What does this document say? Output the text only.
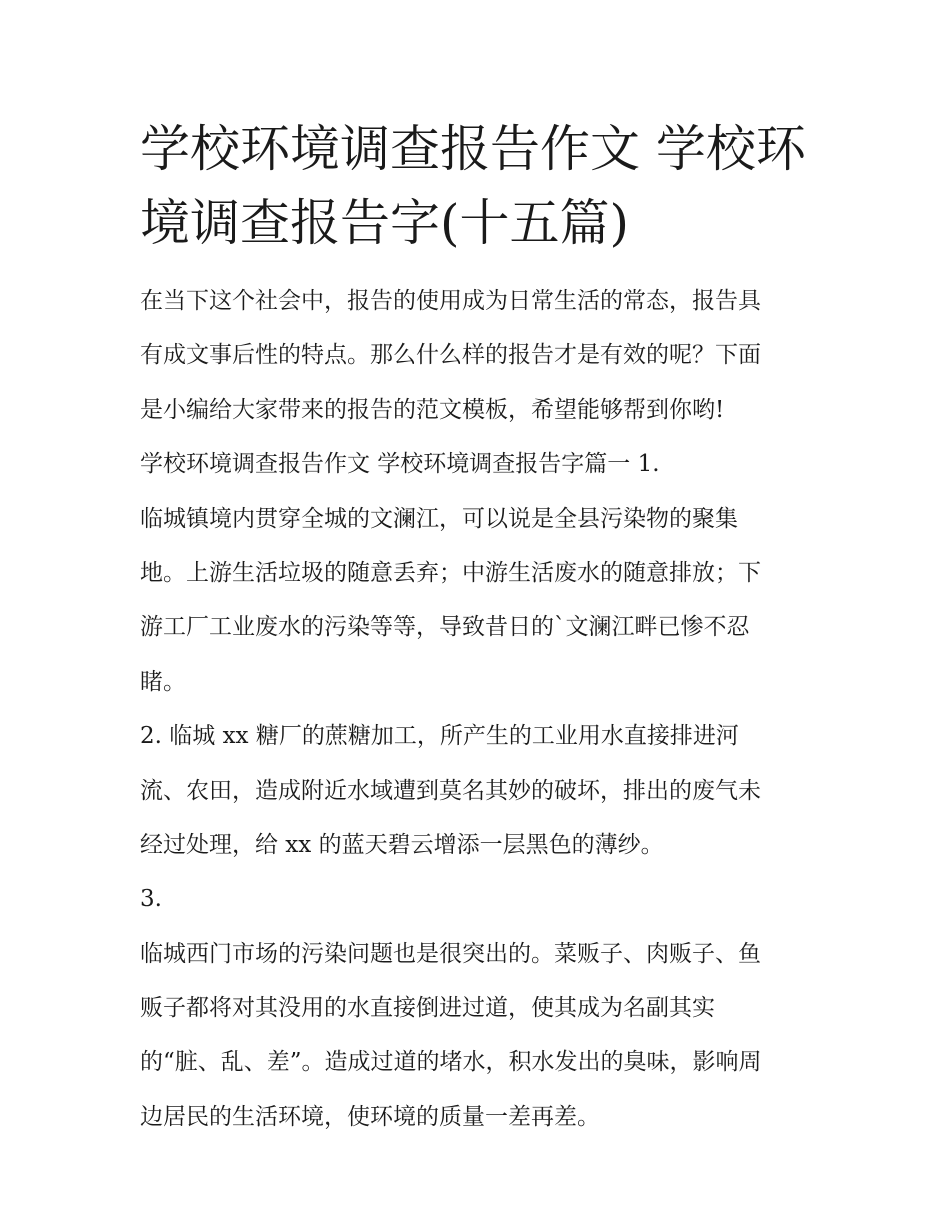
学校环境调查报告作文 学校环
境调查报告字(十五篇)
在当下这个社会中，报告的使用成为日常生活的常态，报告具
有成文事后性的特点。那么什么样的报告才是有效的呢？下面
是小编给大家带来的报告的范文模板，希望能够帮到你哟!
学校环境调查报告作文 学校环境调查报告字篇一 1.
临城镇境内贯穿全城的文澜江，可以说是全县污染物的聚集
地。上游生活垃圾的随意丢弃；中游生活废水的随意排放；下
游工厂工业废水的污染等等，导致昔日的`文澜江畔已惨不忍
睹。
2. 临城 xx 糖厂的蔗糖加工，所产生的工业用水直接排进河
流、农田，造成附近水域遭到莫名其妙的破坏，排出的废气未
经过处理，给 xx 的蓝天碧云增添一层黑色的薄纱。
3.
临城西门市场的污染问题也是很突出的。菜贩子、肉贩子、鱼
贩子都将对其没用的水直接倒进过道，使其成为名副其实
的“脏、乱、差”。造成过道的堵水，积水发出的臭味，影响周
边居民的生活环境，使环境的质量一差再差。
